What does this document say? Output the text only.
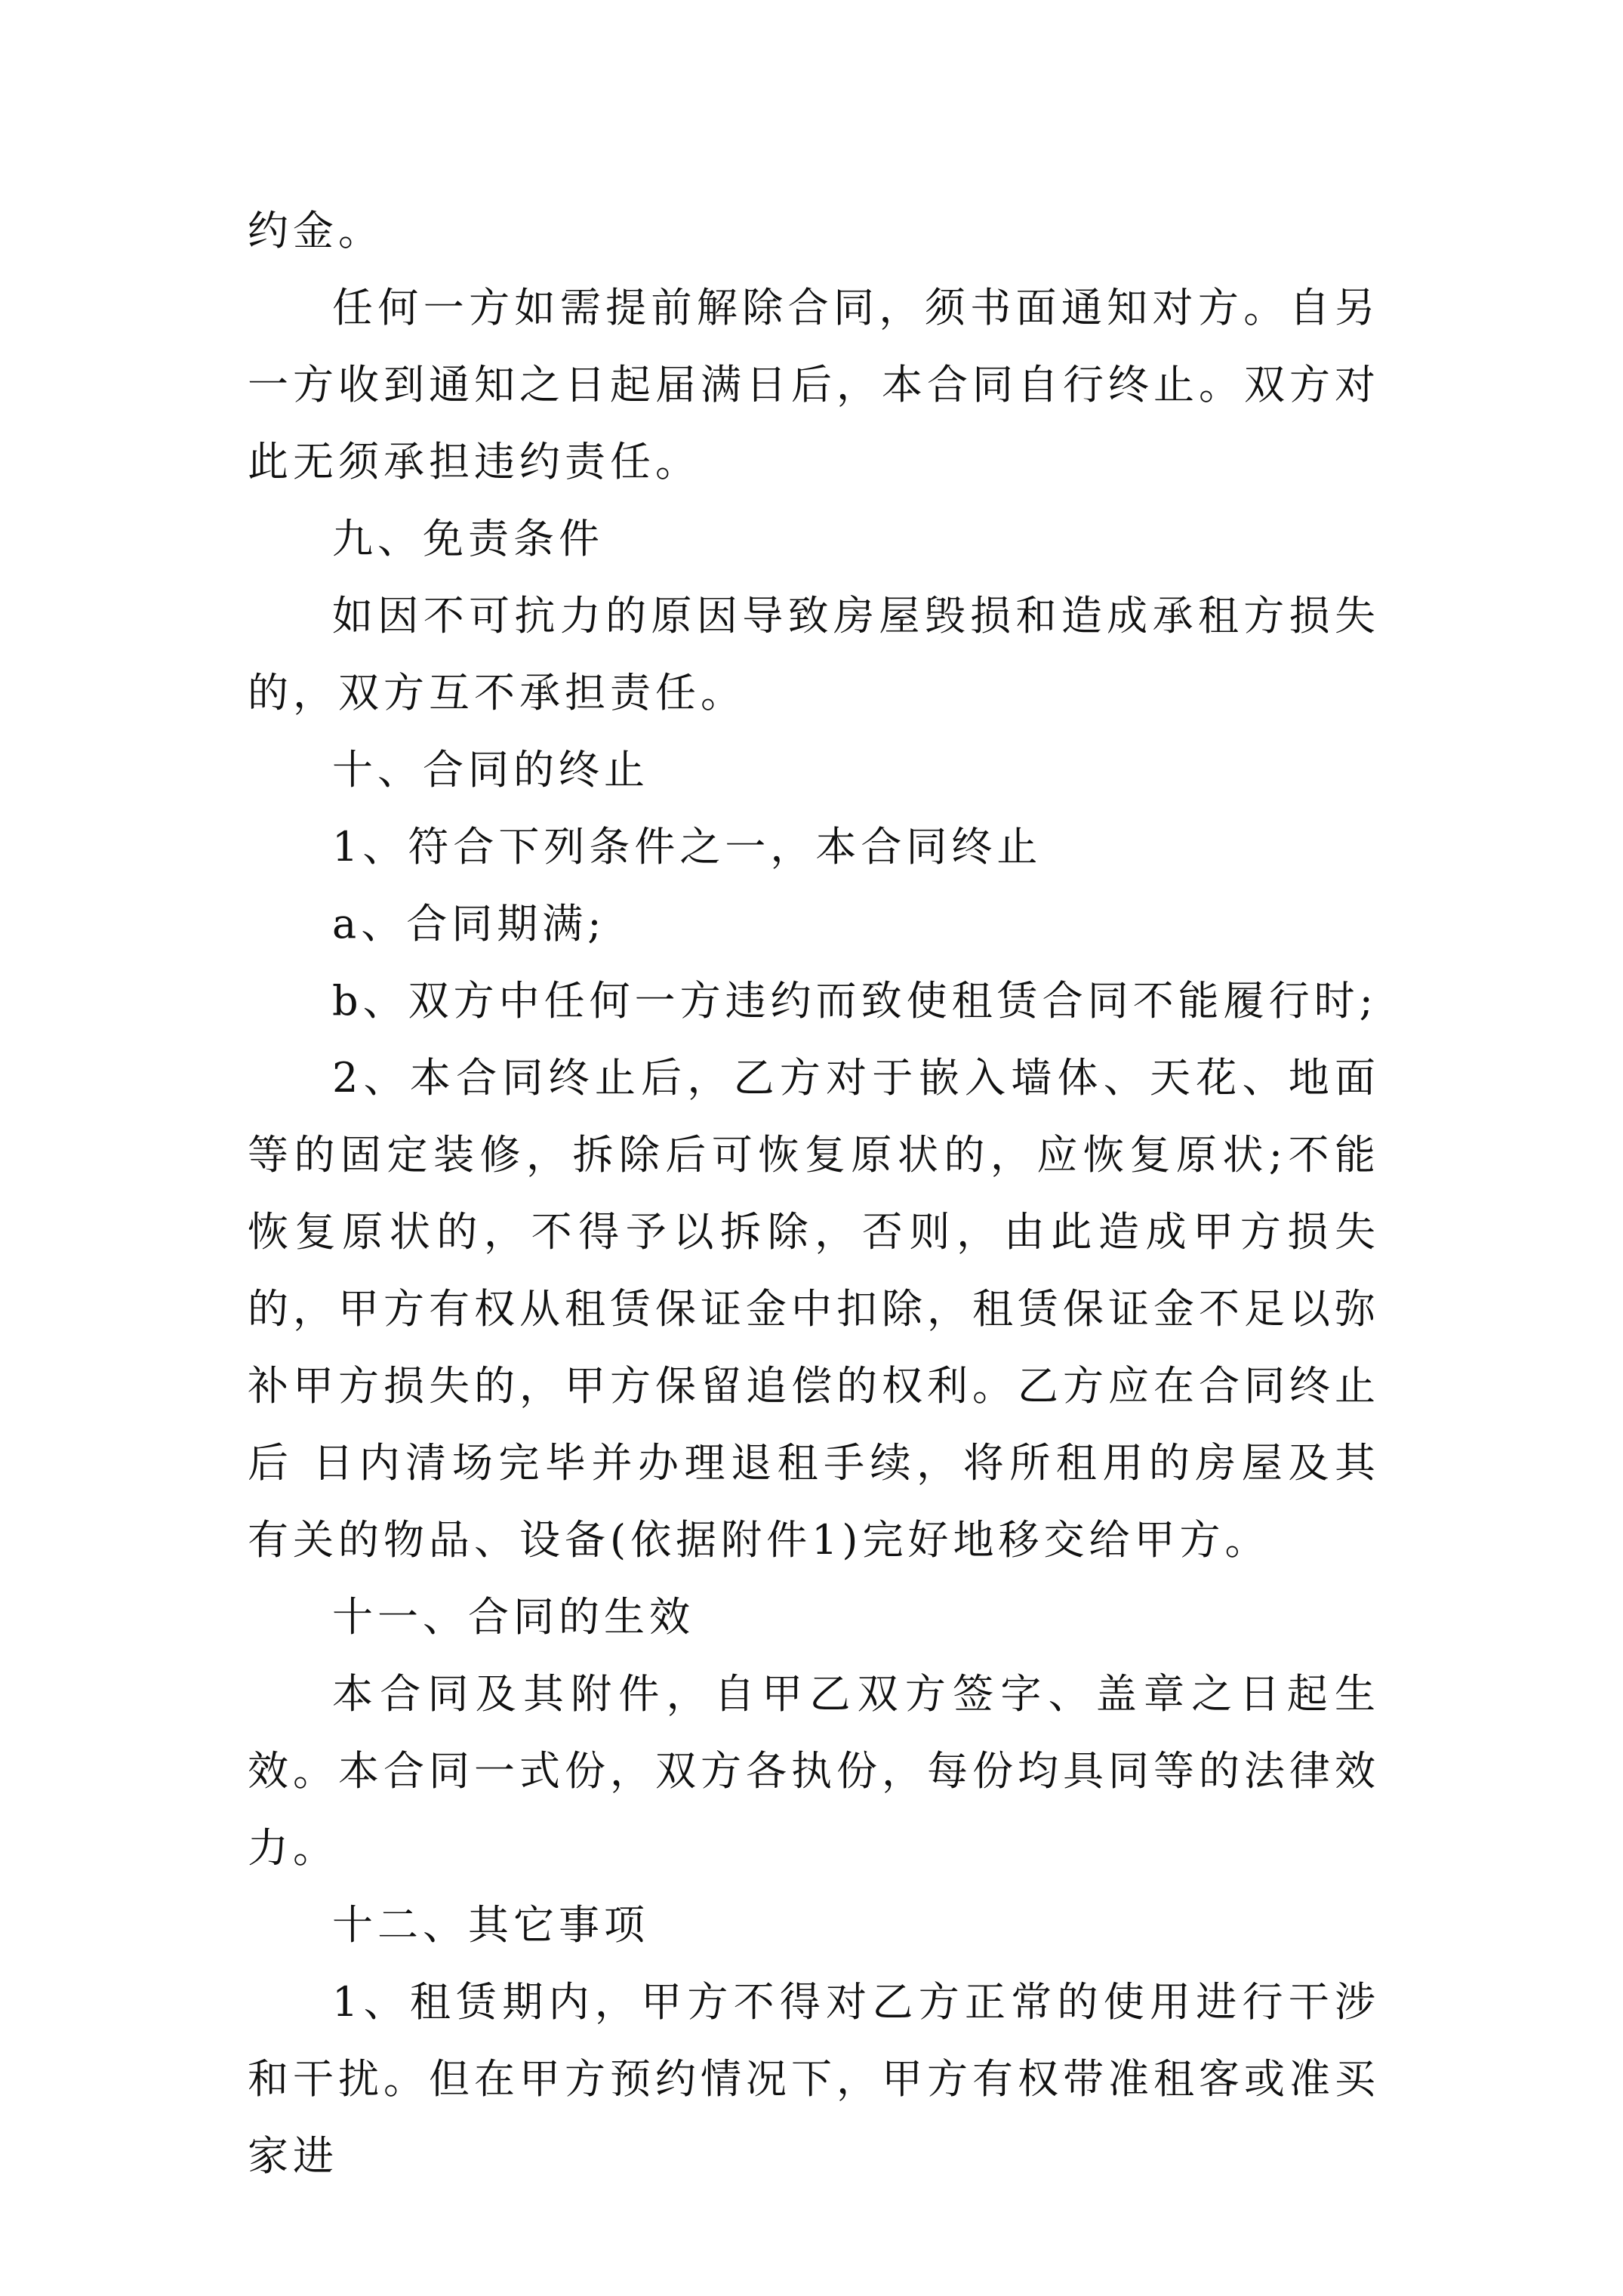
约金。

任何一方如需提前解除合同，须书面通知对方。自另一方收到通知之日起届满日后，本合同自行终止。双方对此无须承担违约责任。

九、免责条件

如因不可抗力的原因导致房屋毁损和造成承租方损失的，双方互不承担责任。

十、合同的终止

1、符合下列条件之一，本合同终止

a、合同期满;

b、双方中任何一方违约而致使租赁合同不能履行时;

2、本合同终止后，乙方对于嵌入墙体、天花、地面等的固定装修，拆除后可恢复原状的，应恢复原状;不能恢复原状的，不得予以拆除，否则，由此造成甲方损失的，甲方有权从租赁保证金中扣除，租赁保证金不足以弥补甲方损失的，甲方保留追偿的权利。乙方应在合同终止后 日内清场完毕并办理退租手续，将所租用的房屋及其有关的物品、设备(依据附件1)完好地移交给甲方。

十一、合同的生效

本合同及其附件，自甲乙双方签字、盖章之日起生效。本合同一式份，双方各执份，每份均具同等的法律效力。

十二、其它事项

1、租赁期内，甲方不得对乙方正常的使用进行干涉和干扰。但在甲方预约情况下，甲方有权带准租客或准买家进
